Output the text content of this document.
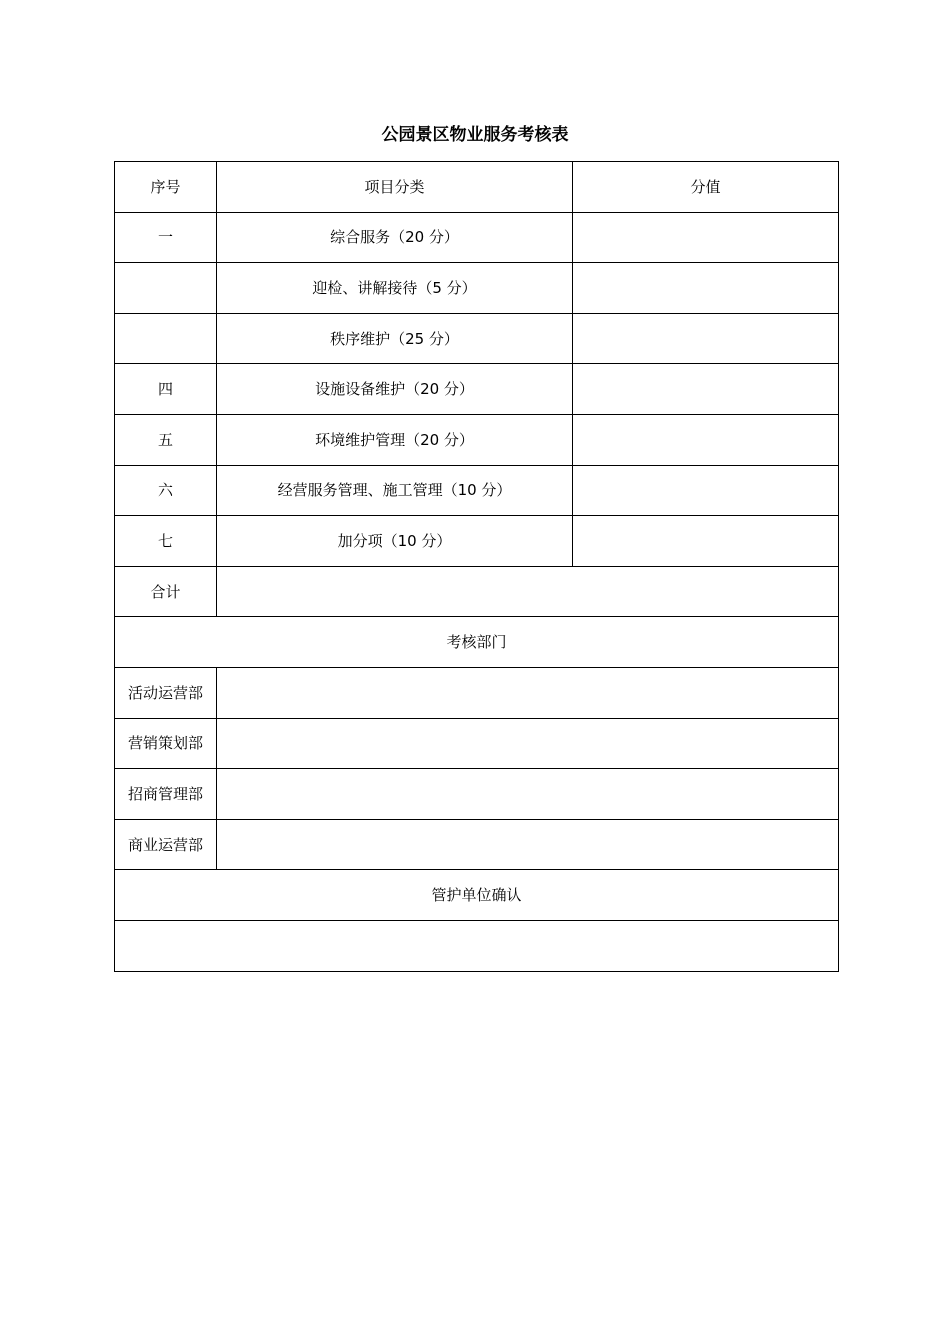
公园景区物业服务考核表
序号	项目分类	分值
一	综合服务（20 分）	
	迎检、讲解接待（5 分）	
	秩序维护（25 分）	
四	设施设备维护（20 分）	
五	环境维护管理（20 分）	
六	经营服务管理、施工管理（10 分）	
七	加分项（10 分）	
合计		
考核部门		
活动运营部		
营销策划部		
招商管理部		
商业运营部		
管护单位确认		
